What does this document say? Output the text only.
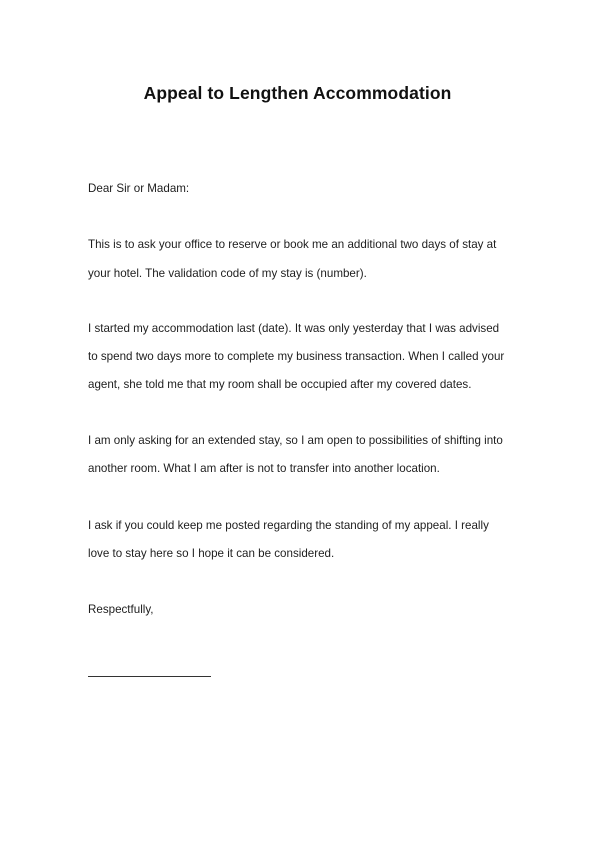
Appeal to Lengthen Accommodation
Dear Sir or Madam:
This is to ask your office to reserve or book me an additional two days of stay at
your hotel. The validation code of my stay is (number).
I started my accommodation last (date). It was only yesterday that I was advised
to spend two days more to complete my business transaction. When I called your
agent, she told me that my room shall be occupied after my covered dates.
I am only asking for an extended stay, so I am open to possibilities of shifting into
another room. What I am after is not to transfer into another location.
I ask if you could keep me posted regarding the standing of my appeal. I really
love to stay here so I hope it can be considered.
Respectfully,
